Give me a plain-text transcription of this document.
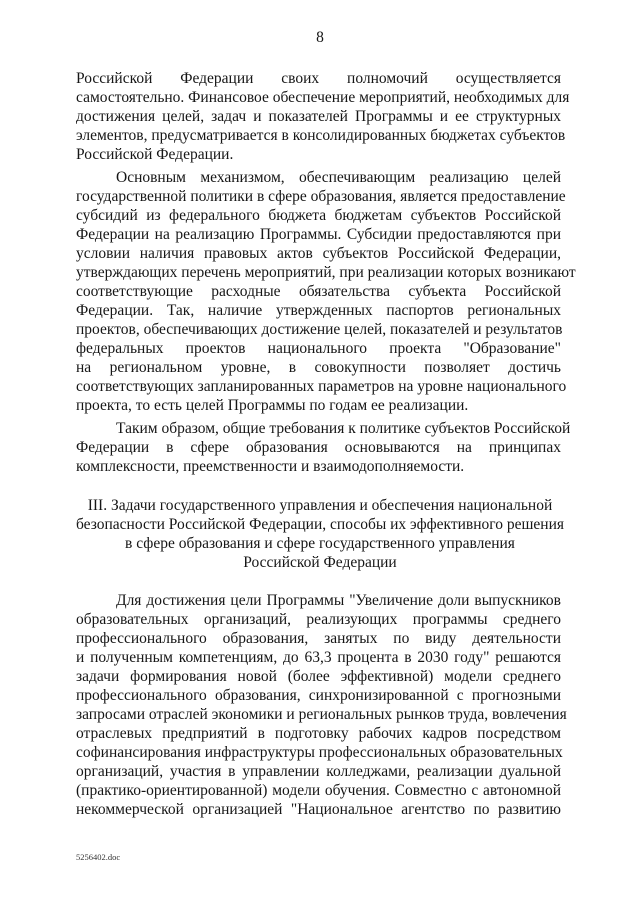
8
Российской Федерации своих полномочий осуществляется
самостоятельно. Финансовое обеспечение мероприятий, необходимых для
достижения целей, задач и показателей Программы и ее структурных
элементов, предусматривается в консолидированных бюджетах субъектов
Российской Федерации.
Основным механизмом, обеспечивающим реализацию целей
государственной политики в сфере образования, является предоставление
субсидий из федерального бюджета бюджетам субъектов Российской
Федерации на реализацию Программы. Субсидии предоставляются при
условии наличия правовых актов субъектов Российской Федерации,
утверждающих перечень мероприятий, при реализации которых возникают
соответствующие расходные обязательства субъекта Российской
Федерации. Так, наличие утвержденных паспортов региональных
проектов, обеспечивающих достижение целей, показателей и результатов
федеральных проектов национального проекта "Образование"
на региональном уровне, в совокупности позволяет достичь
соответствующих запланированных параметров на уровне национального
проекта, то есть целей Программы по годам ее реализации.
Таким образом, общие требования к политике субъектов Российской
Федерации в сфере образования основываются на принципах
комплексности, преемственности и взаимодополняемости.
III. Задачи государственного управления и обеспечения национальной
безопасности Российской Федерации, способы их эффективного решения
в сфере образования и сфере государственного управления
Российской Федерации
Для достижения цели Программы "Увеличение доли выпускников
образовательных организаций, реализующих программы среднего
профессионального образования, занятых по виду деятельности
и полученным компетенциям, до 63,3 процента в 2030 году" решаются
задачи формирования новой (более эффективной) модели среднего
профессионального образования, синхронизированной с прогнозными
запросами отраслей экономики и региональных рынков труда, вовлечения
отраслевых предприятий в подготовку рабочих кадров посредством
софинансирования инфраструктуры профессиональных образовательных
организаций, участия в управлении колледжами, реализации дуальной
(практико-ориентированной) модели обучения. Совместно с автономной
некоммерческой организацией "Национальное агентство по развитию
5256402.doc
